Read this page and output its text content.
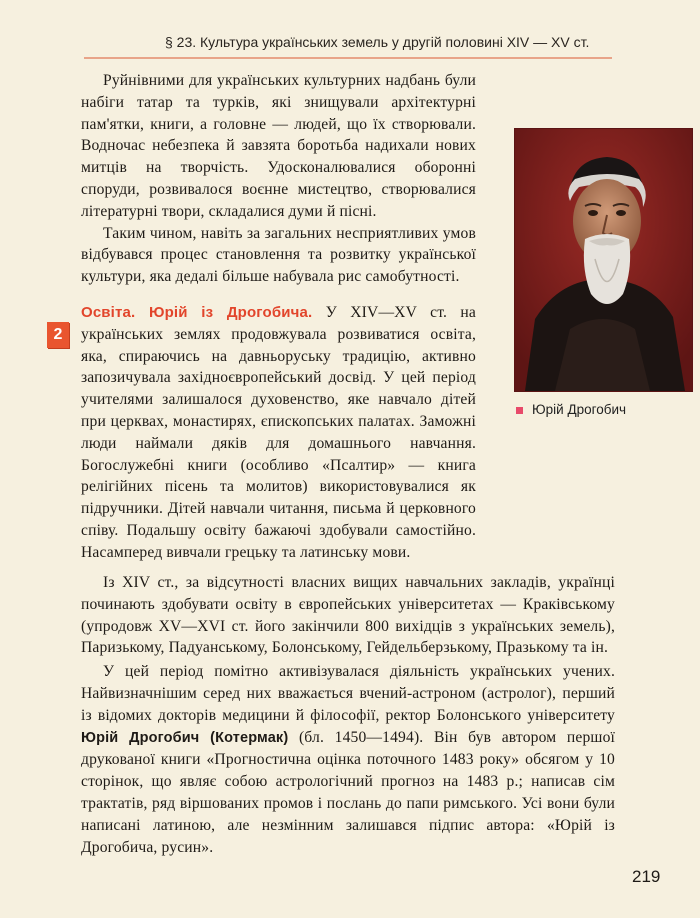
§ 23. Культура українських земель у другій половині XIV — XV ст.

Руйнівними для українських культурних надбань були набіги татар та турків, які знищували архітектурні пам'ятки, книги, а головне — людей, що їх створювали. Водночас небезпека й завзята боротьба надихали нових митців на творчість. Удосконалювалися оборонні споруди, розвивалося воєнне мистецтво, створювалися літературні твори, складалися думи й пісні.

Таким чином, навіть за загальних несприятливих умов відбувався процес становлення та розвитку української культури, яка дедалі більше набувала рис самобутності.

Освіта. Юрій із Дрогобича. У XIV—XV ст. на українських землях продовжувала розвиватися освіта, яка, спираючись на давньоруську традицію, активно запозичувала західноєвропейський досвід. У цей період учителями залишалося духовенство, яке навчало дітей при церквах, монастирях, єпископських палатах. Заможні люди наймали дяків для домашнього навчання. Богослужебні книги (особливо «Псалтир» — книга релігійних пісень та молитов) використовувалися як підручники. Дітей навчали читання, письма й церковного співу. Подальшу освіту бажаючі здобували самостійно. Насамперед вивчали грецьку та латинську мови.

2
Юрій Дрогобич

Із XIV ст., за відсутності власних вищих навчальних закладів, українці починають здобувати освіту в європейських університетах — Краківському (упродовж XV—XVI ст. його закінчили 800 вихідців з українських земель), Паризькому, Падуанському, Болонському, Гейдельберзькому, Празькому та ін.

У цей період помітно активізувалася діяльність українських учених. Найвизначнішим серед них вважається вчений-астроном (астролог), перший із відомих докторів медицини й філософії, ректор Болонського університету Юрій Дрогобич (Котермак) (бл. 1450—1494). Він був автором першої друкованої книги «Прогностична оцінка поточного 1483 року» обсягом у 10 сторінок, що являє собою астрологічний прогноз на 1483 р.; написав сім трактатів, ряд віршованих промов і послань до папи римського. Усі вони були написані латиною, але незмінним залишався підпис автора: «Юрій із Дрогобича, русин».

219
